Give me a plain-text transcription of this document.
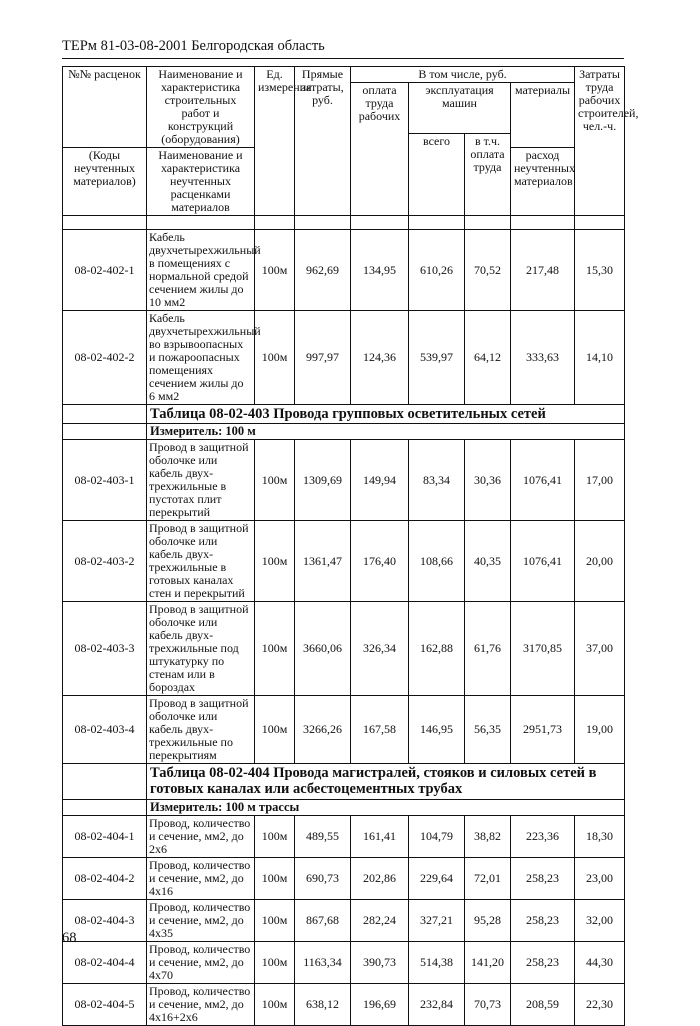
ТЕРм 81-03-08-2001 Белгородская область
№№ расценок	Наименование и характеристика строительных работ и конструкций (оборудования)	Ед. измерения	Прямые затраты, руб.	В том числе, руб.				Затраты труда рабочих строителей, чел.-ч.
				оплата труда рабочих	эксплуатация машин		материалы	
					всего	в т.ч. оплата труда		
(Коды неучтенных материалов)	Наименование и характеристика неучтенных расценками материалов						расход неучтенных материалов	

08-02-402-1	Кабель двухчетырехжильный в помещениях с нормальной средой сечением жилы до 10 мм2	100м	962,69	134,95	610,26	70,52	217,48	15,30
08-02-402-2	Кабель двухчетырехжильный во взрывоопасных и пожароопасных помещениях сечением жилы до 6 мм2	100м	997,97	124,36	539,97	64,12	333,63	14,10
	Таблица 08-02-403 Провода групповых осветительных сетей							
	Измеритель: 100 м							
08-02-403-1	Провод в защитной оболочке или кабель двух-трехжильные в пустотах плит перекрытий	100м	1309,69	149,94	83,34	30,36	1076,41	17,00
08-02-403-2	Провод в защитной оболочке или кабель двух-трехжильные в готовых каналах стен и перекрытий	100м	1361,47	176,40	108,66	40,35	1076,41	20,00
08-02-403-3	Провод в защитной оболочке или кабель двух-трехжильные под штукатурку по стенам или в бороздах	100м	3660,06	326,34	162,88	61,76	3170,85	37,00
08-02-403-4	Провод в защитной оболочке или кабель двух-трехжильные по перекрытиям	100м	3266,26	167,58	146,95	56,35	2951,73	19,00
	Таблица 08-02-404 Провода магистралей, стояков и силовых сетей в готовых каналах или асбестоцементных трубах							
	Измеритель: 100 м трассы							
08-02-404-1	Провод, количество и сечение, мм2, до 2х6	100м	489,55	161,41	104,79	38,82	223,36	18,30
08-02-404-2	Провод, количество и сечение, мм2, до 4х16	100м	690,73	202,86	229,64	72,01	258,23	23,00
08-02-404-3	Провод, количество и сечение, мм2, до 4х35	100м	867,68	282,24	327,21	95,28	258,23	32,00
08-02-404-4	Провод, количество и сечение, мм2, до 4х70	100м	1163,34	390,73	514,38	141,20	258,23	44,30
08-02-404-5	Провод, количество и сечение, мм2, до 4х16+2х6	100м	638,12	196,69	232,84	70,73	208,59	22,30
68
